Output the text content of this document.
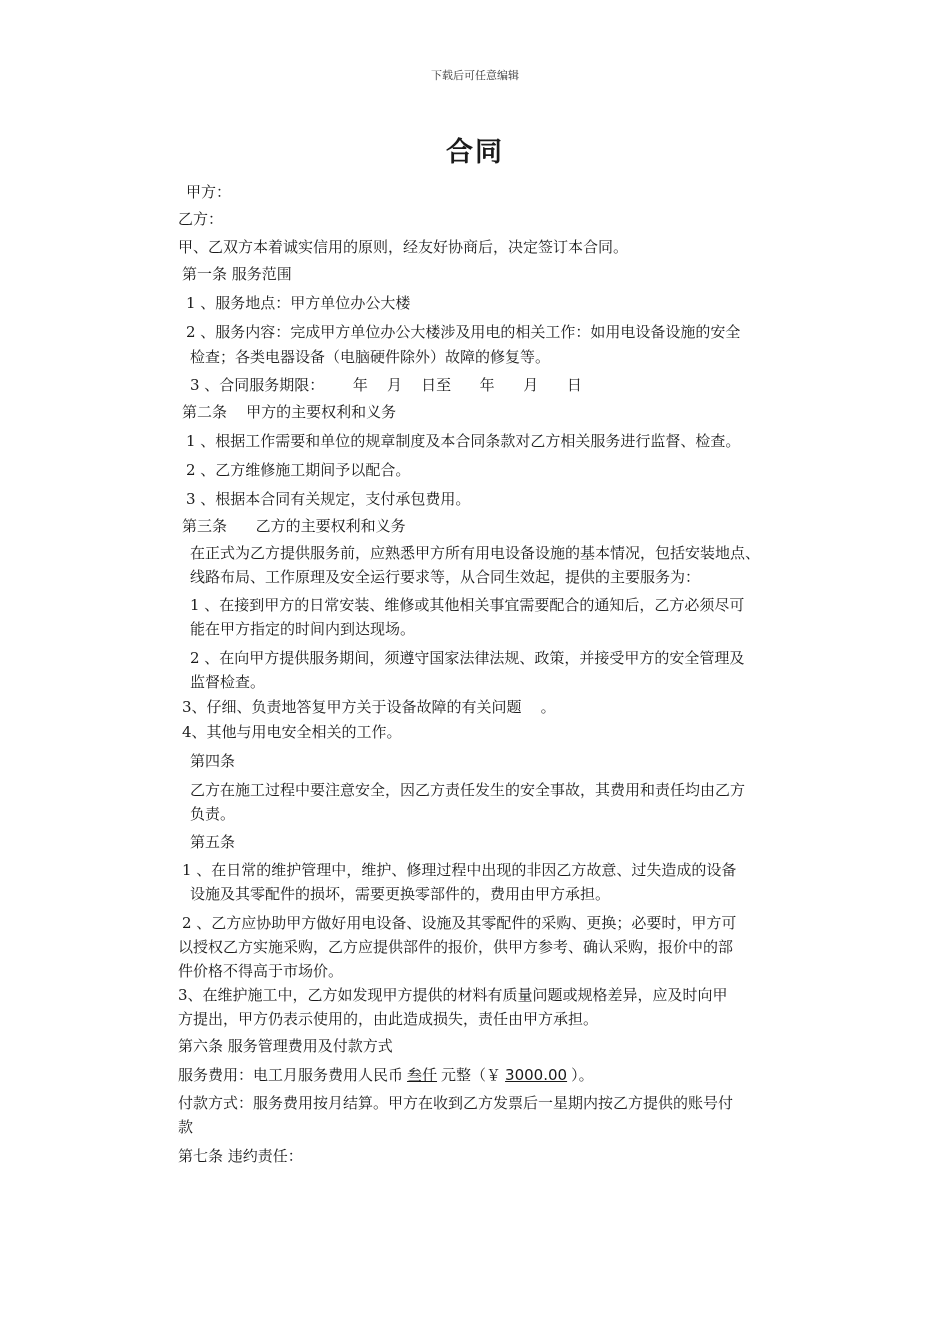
下载后可任意编辑
合同
甲方：
乙方：
甲、乙双方本着诚实信用的原则，经友好协商后，决定签订本合同。
第一条 服务范围
1 、服务地点：甲方单位办公大楼
2 、服务内容：完成甲方单位办公大楼涉及用电的相关工作：如用电设备设施的安全
检查；各类电器设备（电脑硬件除外）故障的修复等。
3 、合同服务期限：      年    月    日至      年      月      日
第二条    甲方的主要权利和义务
1 、根据工作需要和单位的规章制度及本合同条款对乙方相关服务进行监督、检查。
2 、乙方维修施工期间予以配合。
3 、根据本合同有关规定，支付承包费用。
第三条      乙方的主要权利和义务
在正式为乙方提供服务前，应熟悉甲方所有用电设备设施的基本情况，包括安装地点、
线路布局、工作原理及安全运行要求等，从合同生效起，提供的主要服务为：
1 、在接到甲方的日常安装、维修或其他相关事宜需要配合的通知后，乙方必须尽可
能在甲方指定的时间内到达现场。
2 、在向甲方提供服务期间，须遵守国家法律法规、政策，并接受甲方的安全管理及
监督检查。
3、仔细、负责地答复甲方关于设备故障的有关问题    。
4、其他与用电安全相关的工作。
第四条
乙方在施工过程中要注意安全，因乙方责任发生的安全事故，其费用和责任均由乙方
负责。
第五条
1 、在日常的维护管理中，维护、修理过程中出现的非因乙方故意、过失造成的设备
设施及其零配件的损坏，需要更换零部件的，费用由甲方承担。
2 、乙方应协助甲方做好用电设备、设施及其零配件的采购、更换；必要时，甲方可
以授权乙方实施采购，乙方应提供部件的报价，供甲方参考、确认采购，报价中的部
件价格不得高于市场价。
3、在维护施工中，乙方如发现甲方提供的材料有质量问题或规格差异，应及时向甲
方提出，甲方仍表示使用的，由此造成损失，责任由甲方承担。
第六条 服务管理费用及付款方式
服务费用：电工月服务费用人民币 叁仟 元整（￥ 3000.00 ）。
付款方式：服务费用按月结算。甲方在收到乙方发票后一星期内按乙方提供的账号付
款
第七条 违约责任：
